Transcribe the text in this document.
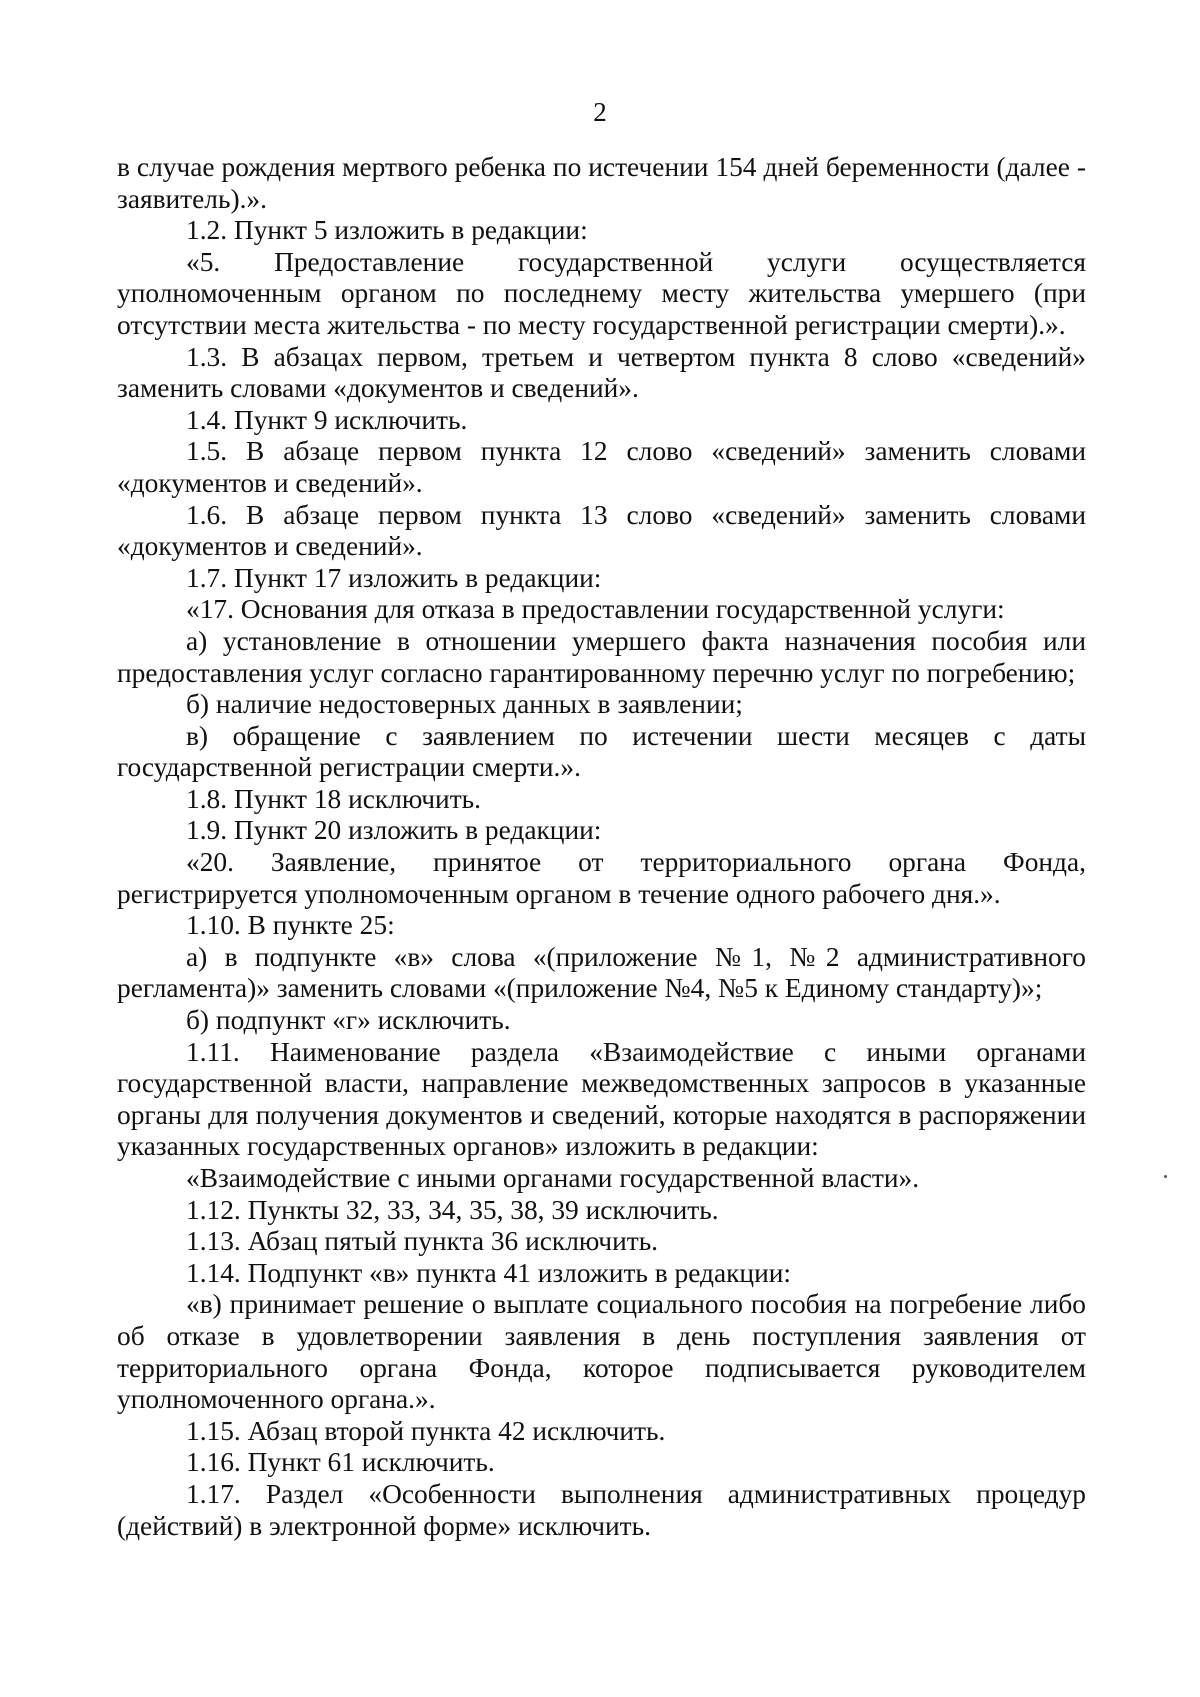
2

в случае рождения мертвого ребенка по истечении 154 дней беременности (далее - заявитель).».

1.2. Пункт 5 изложить в редакции:

«5. Предоставление государственной услуги осуществляется уполномоченным органом по последнему месту жительства умершего (при отсутствии места жительства - по месту государственной регистрации смерти).».

1.3. В абзацах первом, третьем и четвертом пункта 8 слово «сведений» заменить словами «документов и сведений».

1.4. Пункт 9 исключить.

1.5. В абзаце первом пункта 12 слово «сведений» заменить словами «документов и сведений».

1.6. В абзаце первом пункта 13 слово «сведений» заменить словами «документов и сведений».

1.7. Пункт 17 изложить в редакции:

«17. Основания для отказа в предоставлении государственной услуги:

а) установление в отношении умершего факта назначения пособия или предоставления услуг согласно гарантированному перечню услуг по погребению;

б) наличие недостоверных данных в заявлении;

в) обращение с заявлением по истечении шести месяцев с даты государственной регистрации смерти.».

1.8. Пункт 18 исключить.

1.9. Пункт 20 изложить в редакции:

«20. Заявление, принятое от территориального органа Фонда, регистрируется уполномоченным органом в течение одного рабочего дня.».

1.10. В пункте 25:

а) в подпункте «в» слова «(приложение №1, №2 административного регламента)» заменить словами «(приложение №4, №5 к Единому стандарту)»;

б) подпункт «г» исключить.

1.11. Наименование раздела «Взаимодействие с иными органами государственной власти, направление межведомственных запросов в указанные органы для получения документов и сведений, которые находятся в распоряжении указанных государственных органов» изложить в редакции:

«Взаимодействие с иными органами государственной власти».

1.12. Пункты 32, 33, 34, 35, 38, 39 исключить.

1.13. Абзац пятый пункта 36 исключить.

1.14. Подпункт «в» пункта 41 изложить в редакции:

«в) принимает решение о выплате социального пособия на погребение либо об отказе в удовлетворении заявления в день поступления заявления от территориального органа Фонда, которое подписывается руководителем уполномоченного органа.».

1.15. Абзац второй пункта 42 исключить.

1.16. Пункт 61 исключить.

1.17. Раздел «Особенности выполнения административных процедур (действий) в электронной форме» исключить.
